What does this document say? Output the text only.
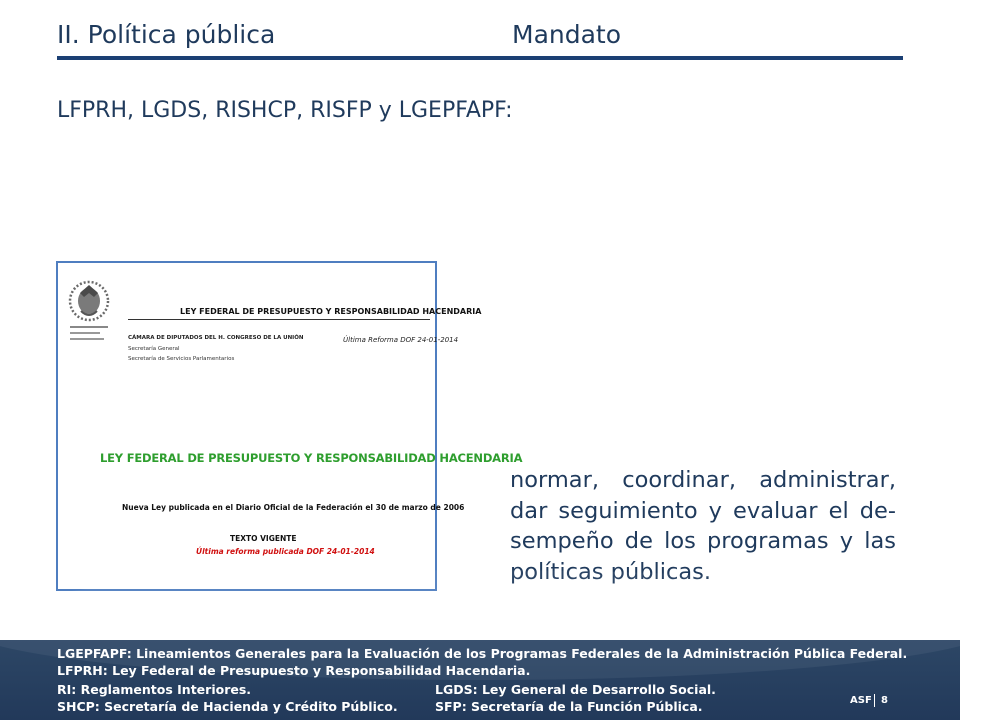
II. Política pública	Mandato
LFPRH, LGDS, RISHCP, RISFP y LGEPFAPF:
LEY FEDERAL DE PRESUPUESTO Y RESPONSABILIDAD HACENDARIA
CÁMARA DE DIPUTADOS DEL H. CONGRESO DE LA UNIÓN
Secretaría General
Secretaría de Servicios Parlamentarios
Última Reforma DOF 24-01-2014
LEY FEDERAL DE PRESUPUESTO Y RESPONSABILIDAD HACENDARIA
Nueva Ley publicada en el Diario Oficial de la Federación el 30 de marzo de 2006
TEXTO VIGENTE
Última reforma publicada DOF 24-01-2014

normar, coordinar, administrar, dar seguimiento y evaluar el de-sempeño de los programas y las políticas públicas.

LGEPFAPF: Lineamientos Generales para la Evaluación de los Programas Federales de la Administración Pública Federal.
LFPRH: Ley Federal de Presupuesto y Responsabilidad Hacendaria.
RI: Reglamentos Interiores.	LGDS: Ley General de Desarrollo Social.
SHCP: Secretaría de Hacienda y Crédito Público.	SFP: Secretaría de la Función Pública.	ASF 8
